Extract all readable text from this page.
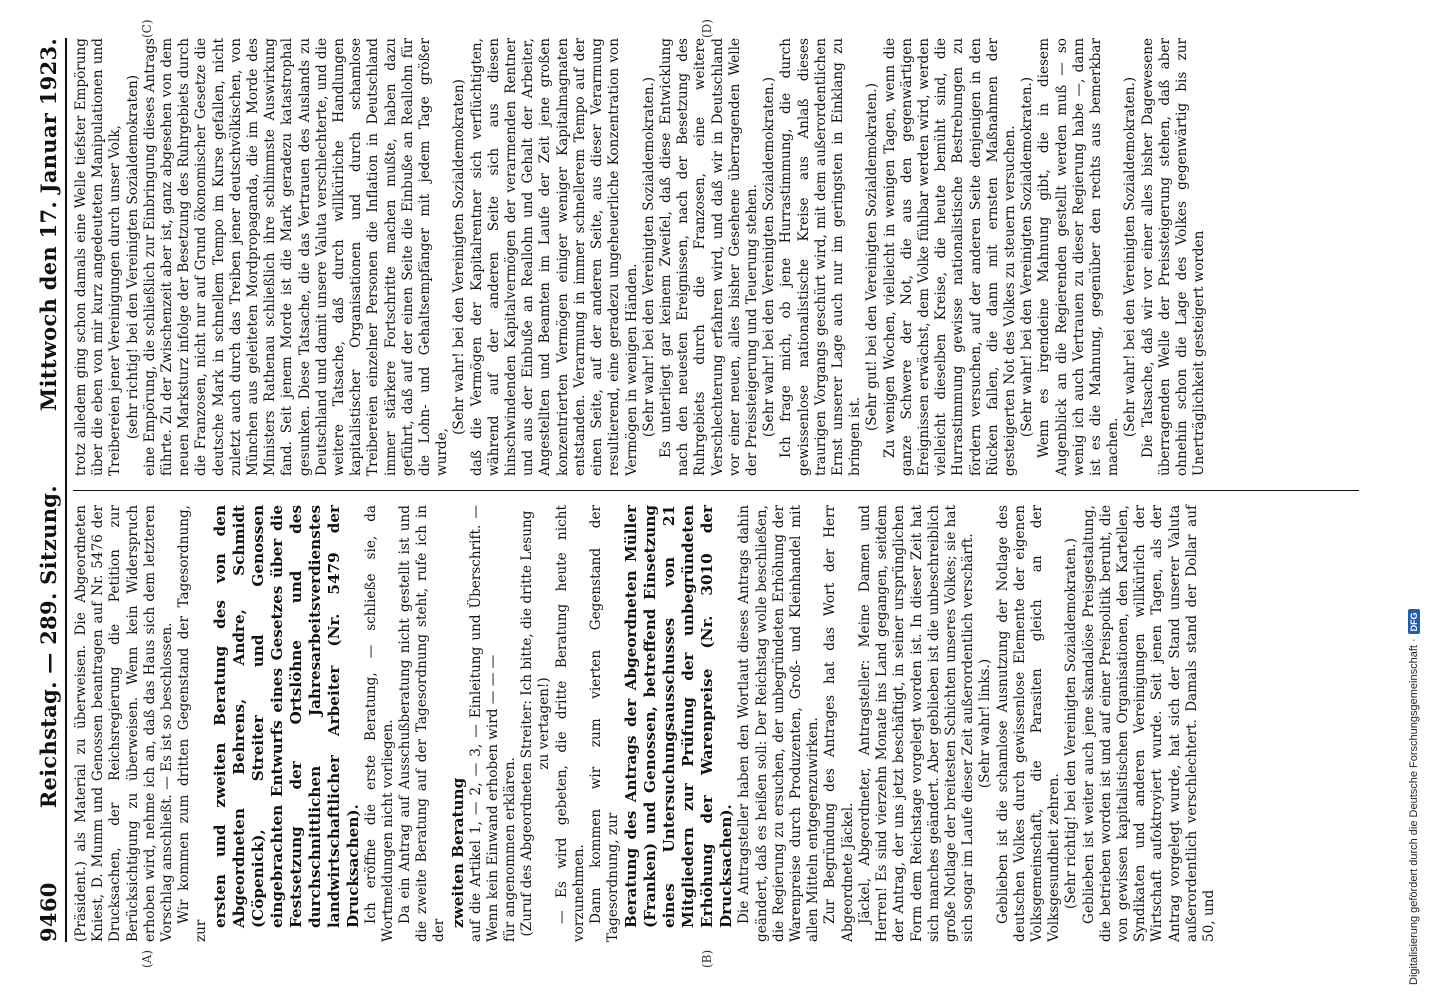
9460
Reichstag. — 289. Sitzung.
Mittwoch den 17. Januar 1923.

(Präsident.) als Material zu überweisen. Die Abgeordneten Kniest, D. Mumm und Genossen beantragen auf Nr. 5476 der Drucksachen, der Reichsregierung die Petition zur Berücksichtigung zu überweisen. Wenn kein Widerspruch erhoben wird, nehme ich an, daß das Haus sich dem letzteren Vorschlag anschließt. — Es ist so beschlossen. Wir kommen zum dritten Gegenstand der Tagesordnung, zur

ersten und zweiten Beratung des von den Abgeordneten Behrens, Andre, Schmidt (Cöpenick), Streiter und Genossen eingebrachten Entwurfs eines Gesetzes über die Festsetzung der Ortslöhne und des durchschnittlichen Jahresarbeitsverdienstes landwirtschaftlicher Arbeiter (Nr. 5479 der Drucksachen). Ich eröffne die erste Beratung, — schließe sie, da Wortmeldungen nicht vorliegen. Da ein Antrag auf Ausschußberatung nicht gestellt ist und die zweite Beratung auf der Tagesordnung steht, rufe ich in der

zweiten Beratung auf die Artikel 1, — 2, — 3, — Einleitung und Überschrift. — Wenn kein Einwand erhoben wird — — — für angenommen erklären. (Zuruf des Abgeordneten Streiter: Ich bitte, die dritte Lesung zu vertagen!) — Es wird gebeten, die dritte Beratung heute nicht vorzunehmen. Dann kommen wir zum vierten Gegenstand der Tagesordnung, zur Beratung des Antrags der Abgeordneten Müller (Franken) und Genossen, betreffend Einsetzung eines Untersuchungsausschusses von 21 Mitgliedern zur Prüfung der unbegründeten Erhöhung der Warenpreise (Nr. 3010 der Drucksachen). Die Antragsteller haben den Wortlaut dieses Antrags dahin geändert, daß es heißen soll: Der Reichstag wolle beschließen, die Regierung zu ersuchen, der unbegründeten Erhöhung der Warenpreise durch Produzenten, Groß- und Kleinhandel mit allen Mitteln entgegenzuwirken. Zur Begründung des Antrages hat das Wort der Herr Abgeordnete Jäckel. Jäckel, Abgeordneter, Antragsteller: Meine Damen und Herren! Es sind vierzehn Monate ins Land gegangen, seitdem der Antrag, der uns jetzt beschäftigt, in seiner ursprünglichen Form dem Reichstage vorgelegt worden ist. In dieser Zeit hat sich manches geändert. Aber geblieben ist die unbeschreiblich große Notlage der breitesten Schichten unseres Volkes; sie hat sich sogar im Laufe dieser Zeit außerordentlich verschärft. (Sehr wahr! links.) Geblieben ist die schamlose Ausnutzung der Notlage des deutschen Volkes durch gewissenlose Elemente der eigenen Volksgemeinschaft, die Parasiten gleich an der Volksgesundheit zehren. (Sehr richtig! bei den Vereinigten Sozialdemokraten.) Geblieben ist weiter auch jene skandalöse Preisgestaltung, die betrieben worden ist und auf einer Preispolitik beruht, die von gewissen kapitalistischen Organisationen, den Kartellen, Syndikaten und anderen Vereinigungen willkürlich der Wirtschaft aufoktroyiert wurde. Seit jenen Tagen, als der Antrag vorgelegt wurde, hat sich der Stand unserer Valuta außerordentlich verschlechtert. Damals stand der Dollar auf 50, und

trotz alledem ging schon damals eine Welle tiefster Empörung über die eben von mir kurz angedeuteten Manipulationen und Treibereien jener Vereinigungen durch unser Volk, (sehr richtig! bei den Vereinigten Sozialdemokraten) eine Empörung, die schließlich zur Einbringung dieses Antrags führte. Zu der Zwischenzeit aber ist, ganz abgesehen von dem neuen Marksturz infolge der Besetzung des Ruhrgebiets durch die Franzosen, nicht nur auf Grund ökonomischer Gesetze die deutsche Mark in schnellem Tempo im Kurse gefallen, nicht zuletzt auch durch das Treiben jener deutschvölkischen, von München aus geleiteten Mordpropaganda, die im Morde des Ministers Rathenau schließlich ihre schlimmste Auswirkung fand. Seit jenem Morde ist die Mark geradezu katastrophal gesunken. Diese Tatsache, die das Vertrauen des Auslands zu Deutschland und damit unsere Valuta verschlechterte, und die weitere Tatsache, daß durch willkürliche Handlungen kapitalistischer Organisationen und durch schamlose Treibereien einzelner Personen die Inflation in Deutschland immer stärkere Fortschritte machen mußte, haben dazu geführt, daß auf der einen Seite die Einbuße an Reallohn für die Lohn- und Gehaltsempfänger mit jedem Tage größer wurde,

(Sehr wahr! bei den Vereinigten Sozialdemokraten) daß die Vermögen der Kapitalrentner sich verflüchtigten, während auf der anderen Seite sich aus diesen hinschwindenden Kapitalvermögen der verarmenden Rentner und aus der Einbuße an Reallohn und Gehalt der Arbeiter, Angestellten und Beamten im Laufe der Zeit jene großen konzentrierten Vermögen einiger weniger Kapitalmagnaten entstanden. Verarmung in immer schnellerem Tempo auf der einen Seite, auf der anderen Seite, aus dieser Verarmung resultierend, eine geradezu ungeheuerliche Konzentration von Vermögen in wenigen Händen. (Sehr wahr! bei den Vereinigten Sozialdemokraten.) Es unterliegt gar keinem Zweifel, daß diese Entwicklung nach den neuesten Ereignissen, nach der Besetzung des Ruhrgebiets durch die Franzosen, eine weitere Verschlechterung erfahren wird, und daß wir in Deutschland vor einer neuen, alles bisher Gesehene überragenden Welle der Preissteigerung und Teuerung stehen. (Sehr wahr! bei den Vereinigten Sozialdemokraten.) Ich frage mich, ob jene Hurrastimmung, die durch gewissenlose nationalistische Kreise aus Anlaß dieses traurigen Vorgangs geschürt wird, mit dem außerordentlichen Ernst unserer Lage auch nur im geringsten in Einklang zu bringen ist.

(Sehr gut! bei den Vereinigten Sozialdemokraten.) Zu wenigen Wochen, vielleicht in wenigen Tagen, wenn die ganze Schwere der Not, die aus den gegenwärtigen Ereignissen erwächst, dem Volke fühlbar werden wird, werden vielleicht dieselben Kreise, die heute bemüht sind, die Hurrastimmung gewisse nationalistische Bestrebungen zu fördern versuchen, auf der anderen Seite denjenigen in den Rücken fallen, die dann mit ernsten Maßnahmen der gesteigerten Not des Volkes zu steuern versuchen. (Sehr wahr! bei den Vereinigten Sozialdemokraten.) Wenn es irgendeine Mahnung gibt, die in diesem Augenblick an die Regierenden gestellt werden muß — so wenig ich auch Vertrauen zu dieser Regierung habe —, dann ist es die Mahnung, gegenüber den rechts aus bemerkbar machen.

(Sehr wahr! bei den Vereinigten Sozialdemokraten.) Die Tatsache, daß wir vor einer alles bisher Dagewesene überragenden Welle der Preissteigerung stehen, daß aber ohnehin schon die Lage des Volkes gegenwärtig bis zur Unerträglichkeit gesteigert worden

(A)	(B)
(C)	(D)
Digitalisierung gefördert durch die Deutsche Forschungsgemeinschaft ·
DFG
